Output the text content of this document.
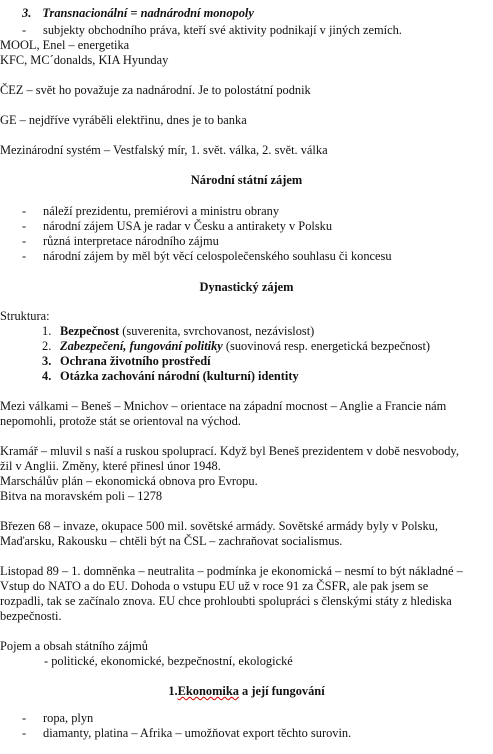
3. Transnacionální = nadnárodní monopoly
- subjekty obchodního práva, kteří své aktivity podnikají v jiných zemích.
MOOL, Enel – energetika
KFC, MC´donalds, KIA Hyunday
ČEZ – svět ho považuje za nadnárodní. Je to polostátní podnik
GE – nejdříve vyráběli elektřinu, dnes je to banka
Mezinárodní systém – Vestfalský mír, 1. svět. válka, 2. svět. válka
Národní státní zájem
- náleží prezidentu, premiérovi a ministru obrany
- národní zájem USA je radar v Česku a antirakety v Polsku
- různá interpretace národního zájmu
- národní zájem by měl být věcí celospolečenského souhlasu či koncesu
Dynastický zájem
Struktura:
1. Bezpečnost (suverenita, svrchovanost, nezávislost)
2. Zabezpečení, fungování politiky (suovinová resp. energetická bezpečnost)
3. Ochrana životního prostředí
4. Otázka zachování národní (kulturní) identity
Mezi válkami – Beneš – Mnichov – orientace na západní mocnost – Anglie a Francie nám
nepomohli, protože stát se orientoval na východ.
Kramář – mluvil s naší a ruskou spoluprací. Když byl Beneš prezidentem v době nesvobody,
žil v Anglii. Změny, které přinesl únor 1948.
Marschálův plán – ekonomická obnova pro Evropu.
Bitva na moravském poli – 1278
Březen 68 – invaze, okupace 500 mil. sovětské armády. Sovětské armády byly v Polsku,
Maďarsku, Rakousku – chtěli být na ČSL – zachraňovat socialismus.
Listopad 89 – 1. domněnka – neutralita – podmínka je ekonomická – nesmí to být nákladné –
Vstup do NATO a do EU. Dohoda o vstupu EU už v roce 91 za ČSFR, ale pak jsem se
rozpadli, tak se začínalo znova. EU chce prohloubti spolupráci s členskými státy z hlediska
bezpečnosti.
Pojem a obsah státního zájmů
- politické, ekonomické, bezpečnostní, ekologické
1.Ekonomika a její fungování
- ropa, plyn
- diamanty, platina – Afrika – umožňovat export těchto surovin.
